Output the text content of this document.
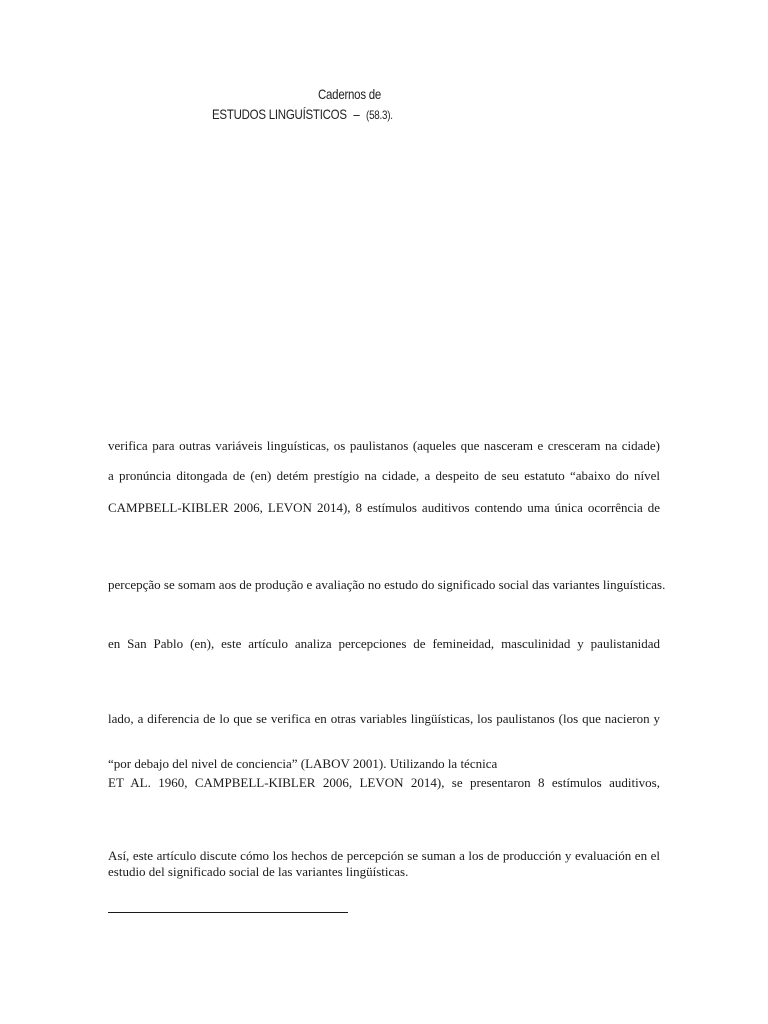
Cadernos de
ESTUDOS LINGUÍSTICOS – (58.3).
verifica para outras variáveis linguísticas, os paulistanos (aqueles que nasceram e cresceram na cidade)
a pronúncia ditongada de (en) detém prestígio na cidade, a despeito de seu estatuto “abaixo do nível
CAMPBELL-KIBLER 2006, LEVON 2014), 8 estímulos auditivos contendo uma única ocorrência de
percepção se somam aos de produção e avaliação no estudo do significado social das variantes linguísticas.
en San Pablo (en), este artículo analiza percepciones de femineidad, masculinidad y paulistanidad
lado, a diferencia de lo que se verifica en otras variables lingüísticas, los paulistanos (los que nacieron y
“por debajo del nivel de conciencia” (LABOV 2001). Utilizando la técnica
ET AL. 1960, CAMPBELL-KIBLER 2006, LEVON 2014), se presentaron 8 estímulos auditivos,
Así, este artículo discute cómo los hechos de percepción se suman a los de producción y evaluación en el
estudio del significado social de las variantes lingüísticas.
